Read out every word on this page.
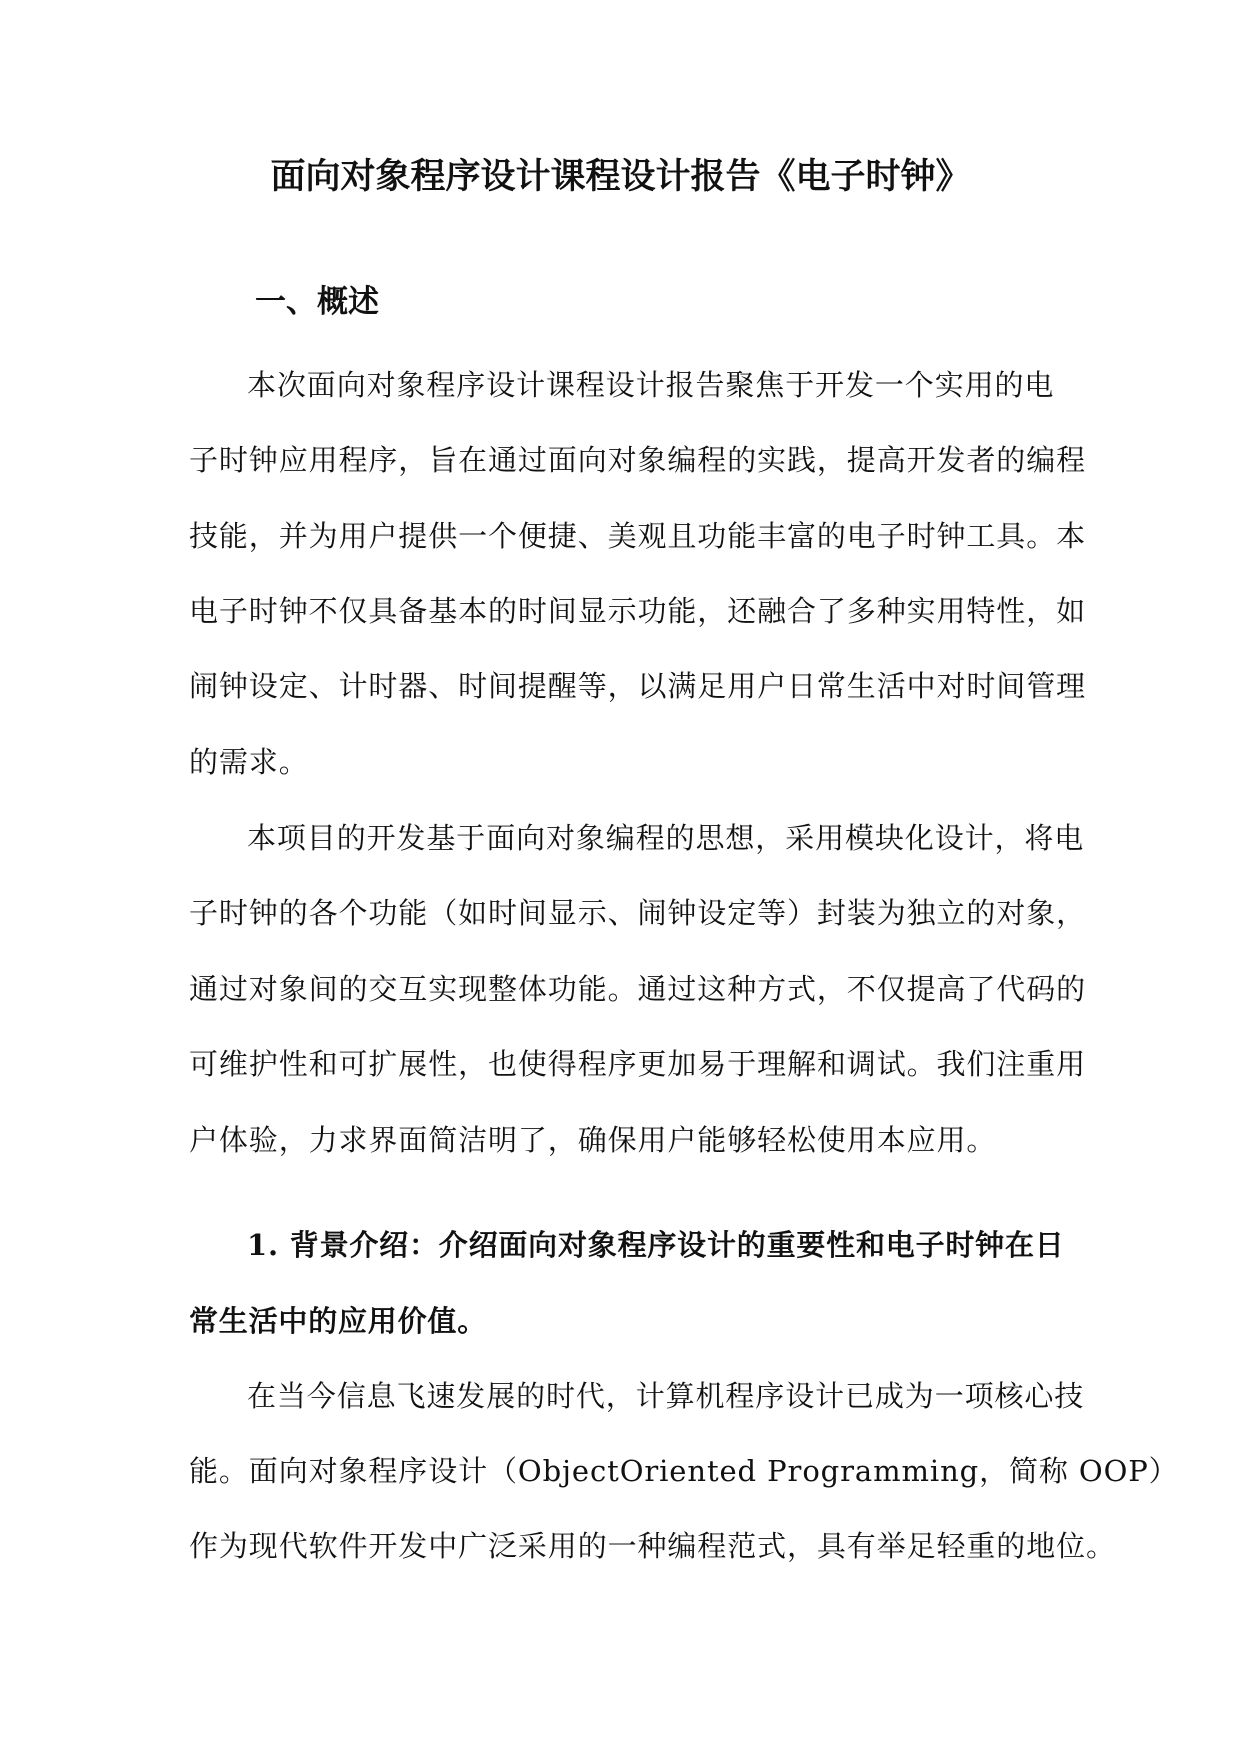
面向对象程序设计课程设计报告《电子时钟》
一、概述
本次面向对象程序设计课程设计报告聚焦于开发一个实用的电
子时钟应用程序，旨在通过面向对象编程的实践，提高开发者的编程
技能，并为用户提供一个便捷、美观且功能丰富的电子时钟工具。本
电子时钟不仅具备基本的时间显示功能，还融合了多种实用特性，如
闹钟设定、计时器、时间提醒等，以满足用户日常生活中对时间管理
的需求。
本项目的开发基于面向对象编程的思想，采用模块化设计，将电
子时钟的各个功能（如时间显示、闹钟设定等）封装为独立的对象，
通过对象间的交互实现整体功能。通过这种方式，不仅提高了代码的
可维护性和可扩展性，也使得程序更加易于理解和调试。我们注重用
户体验，力求界面简洁明了，确保用户能够轻松使用本应用。
1. 背景介绍：介绍面向对象程序设计的重要性和电子时钟在日
常生活中的应用价值。
在当今信息飞速发展的时代，计算机程序设计已成为一项核心技
能。面向对象程序设计（ObjectOriented Programming，简称 OOP）
作为现代软件开发中广泛采用的一种编程范式，具有举足轻重的地位。
